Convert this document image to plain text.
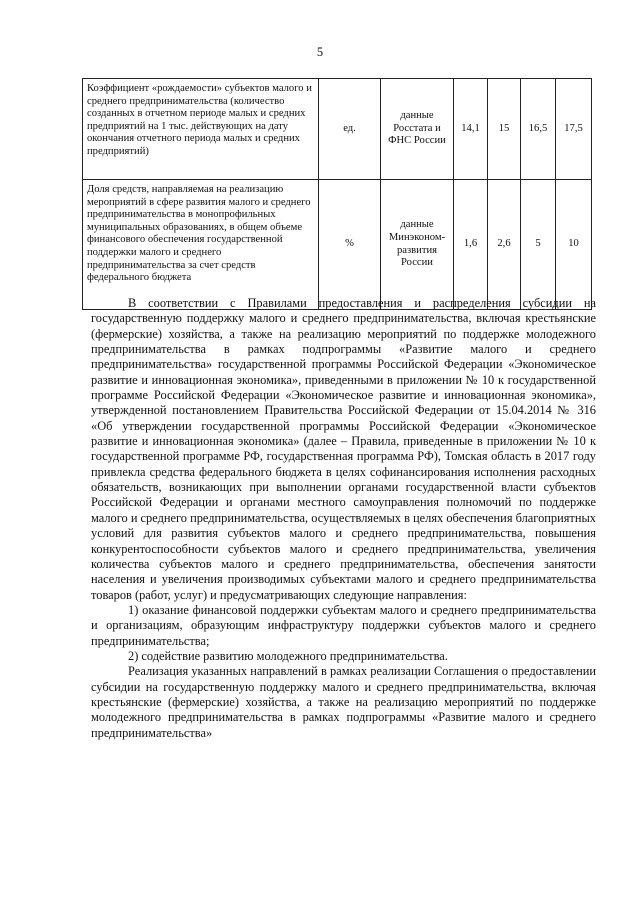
5
Коэффициент «рождаемости» субъектов малого и среднего предпринимательства (количество созданных в отчетном периоде малых и средних предприятий на 1 тыс. действующих на дату окончания отчетного периода малых и средних предприятий)	ед.	данные Росстата и ФНС России	14,1	15	16,5	17,5
Доля средств, направляемая на реализацию мероприятий в сфере развития малого и среднего предпринимательства в монопрофильных муниципальных образованиях, в общем объеме финансового обеспечения государственной поддержки малого и среднего предпринимательства за счет средств федерального бюджета	%	данные Минэконом-развития России	1,6	2,6	5	10

В соответствии с Правилами предоставления и распределения субсидии на государственную поддержку малого и среднего предпринимательства, включая крестьянские (фермерские) хозяйства, а также на реализацию мероприятий по поддержке молодежного предпринимательства в рамках подпрограммы «Развитие малого и среднего предпринимательства» государственной программы Российской Федерации «Экономическое развитие и инновационная экономика», приведенными в приложении № 10 к государственной программе Российской Федерации «Экономическое развитие и инновационная экономика», утвержденной постановлением Правительства Российской Федерации от 15.04.2014 № 316 «Об утверждении государственной программы Российской Федерации «Экономическое развитие и инновационная экономика» (далее – Правила, приведенные в приложении № 10 к государственной программе РФ, государственная программа РФ), Томская область в 2017 году привлекла средства федерального бюджета в целях софинансирования исполнения расходных обязательств, возникающих при выполнении органами государственной власти субъектов Российской Федерации и органами местного самоуправления полномочий по поддержке малого и среднего предпринимательства, осуществляемых в целях обеспечения благоприятных условий для развития субъектов малого и среднего предпринимательства, повышения конкурентоспособности субъектов малого и среднего предпринимательства, увеличения количества субъектов малого и среднего предпринимательства, обеспечения занятости населения и увеличения производимых субъектами малого и среднего предпринимательства товаров (работ, услуг) и предусматривающих следующие направления:

1) оказание финансовой поддержки субъектам малого и среднего предпринимательства и организациям, образующим инфраструктуру поддержки субъектов малого и среднего предпринимательства;

2) содействие развитию молодежного предпринимательства.

Реализация указанных направлений в рамках реализации Соглашения о предоставлении субсидии на государственную поддержку малого и среднего предпринимательства, включая крестьянские (фермерские) хозяйства, а также на реализацию мероприятий по поддержке молодежного предпринимательства в рамках подпрограммы «Развитие малого и среднего предпринимательства»
